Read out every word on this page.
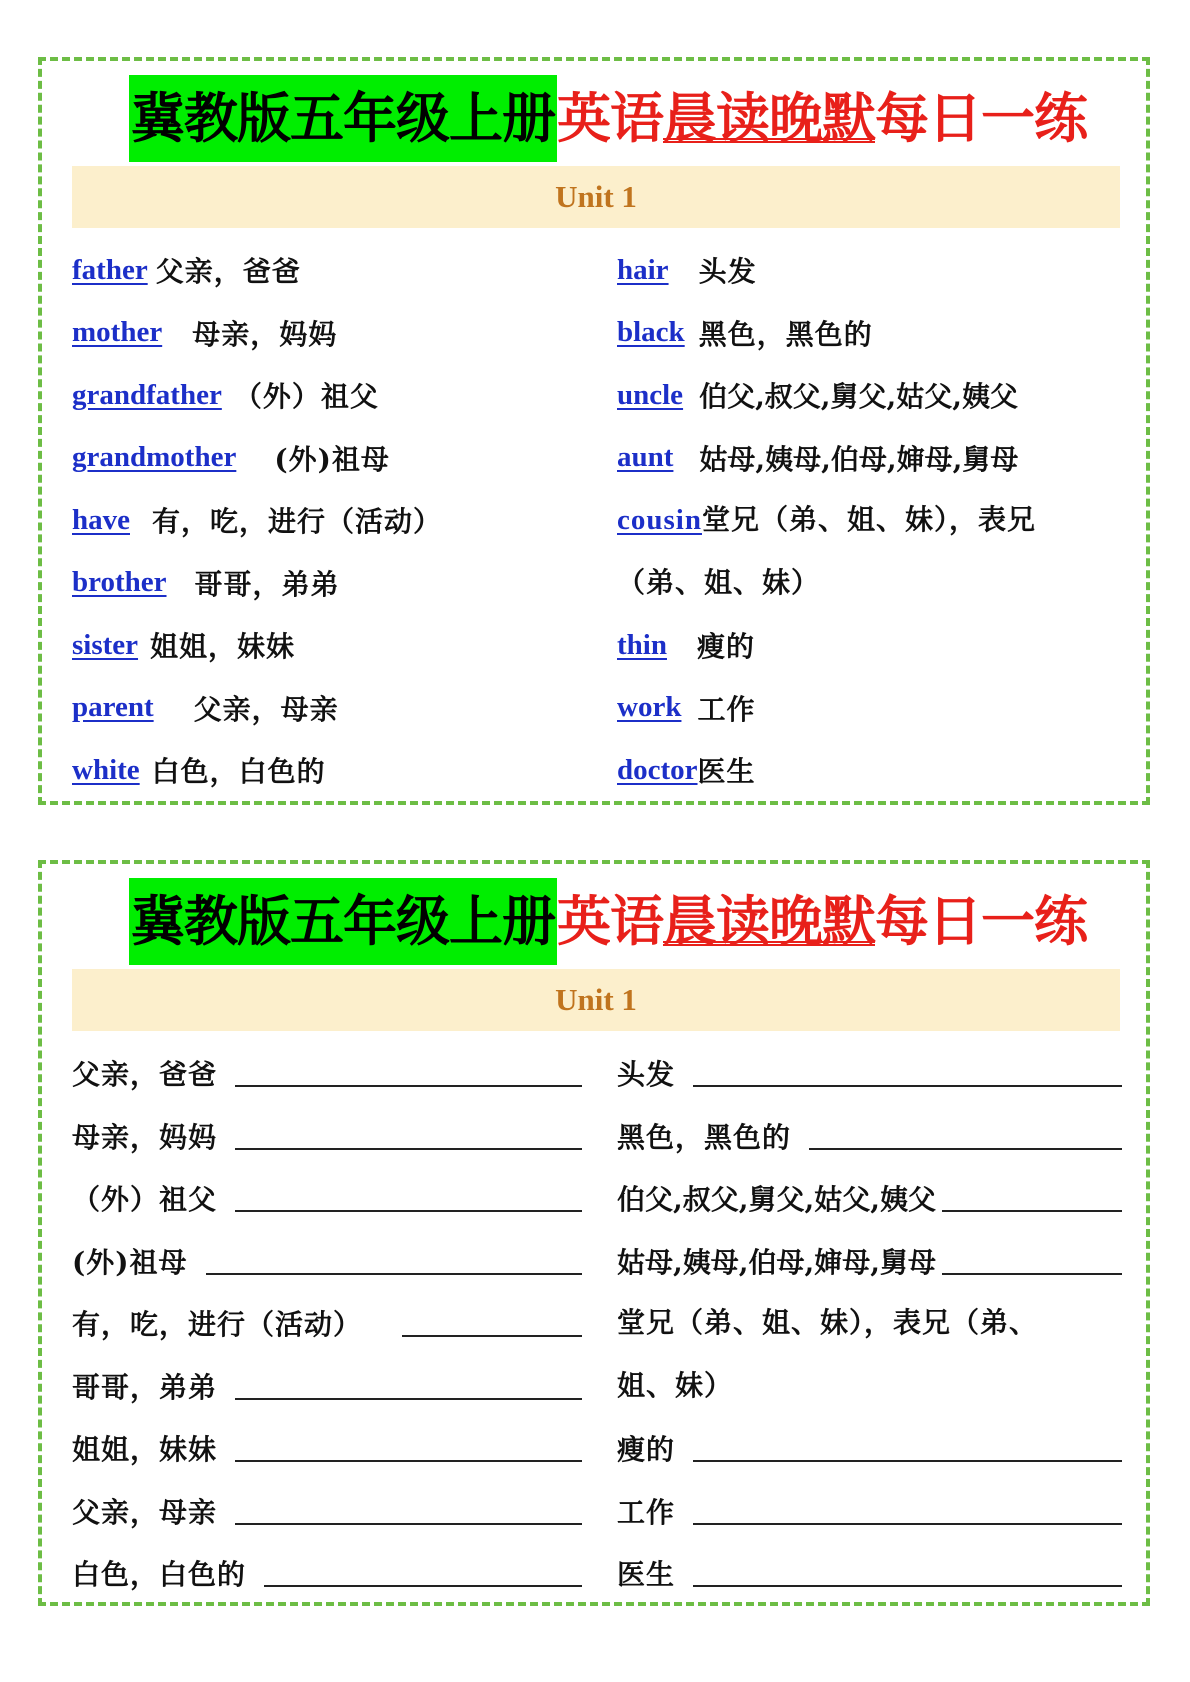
冀教版五年级上册英语晨读晚默每日一练
Unit 1
father 父亲，爸爸
mother 母亲，妈妈
grandfather （外）祖父
grandmother (外)祖母
have 有，吃，进行（活动）
brother 哥哥，弟弟
sister 姐姐，妹妹
parent 父亲，母亲
white 白色，白色的
hair 头发
black 黑色，黑色的
uncle 伯父,叔父,舅父,姑父,姨父
aunt 姑母,姨母,伯母,婶母,舅母
cousin堂兄（弟、姐、妹），表兄（弟、姐、妹）
thin 瘦的
work 工作
doctor 医生
冀教版五年级上册英语晨读晚默每日一练
Unit 1
父亲，爸爸
母亲，妈妈
（外）祖父
(外)祖母
有，吃，进行（活动）
哥哥，弟弟
姐姐，妹妹
父亲，母亲
白色，白色的
头发
黑色，黑色的
伯父,叔父,舅父,姑父,姨父
姑母,姨母,伯母,婶母,舅母
堂兄（弟、姐、妹），表兄（弟、姐、妹）
瘦的
工作
医生
